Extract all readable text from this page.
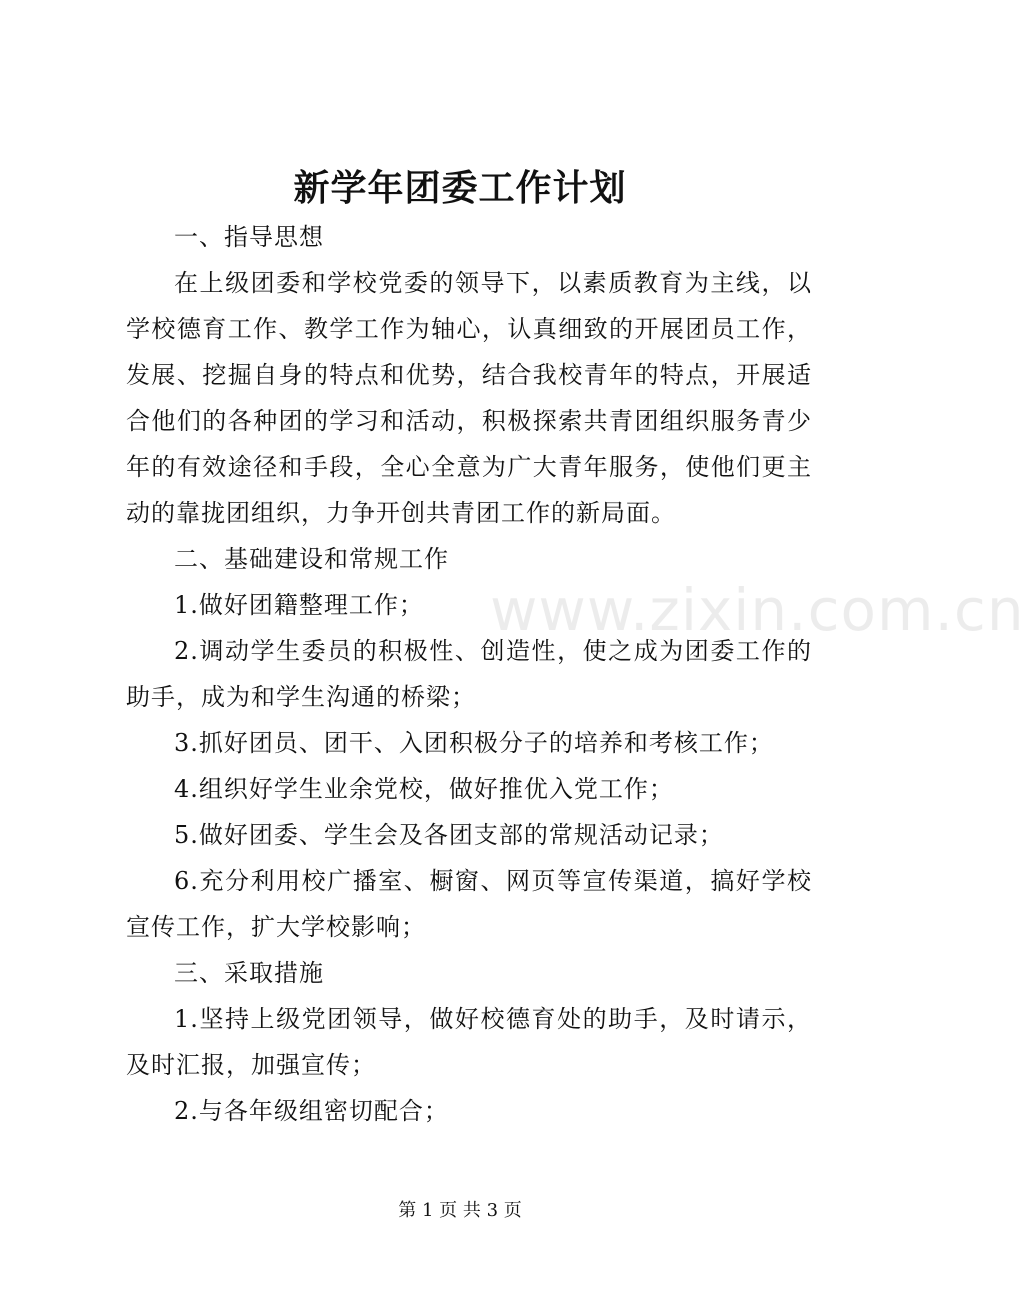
新学年团委工作计划

一、指导思想

在上级团委和学校党委的领导下，以素质教育为主线，以学校德育工作、教学工作为轴心，认真细致的开展团员工作，发展、挖掘自身的特点和优势，结合我校青年的特点，开展适合他们的各种团的学习和活动，积极探索共青团组织服务青少年的有效途径和手段，全心全意为广大青年服务，使他们更主动的靠拢团组织，力争开创共青团工作的新局面。

二、基础建设和常规工作

1.做好团籍整理工作；

2.调动学生委员的积极性、创造性，使之成为团委工作的助手，成为和学生沟通的桥梁；

3.抓好团员、团干、入团积极分子的培养和考核工作；

4.组织好学生业余党校，做好推优入党工作；

5.做好团委、学生会及各团支部的常规活动记录；

6.充分利用校广播室、橱窗、网页等宣传渠道，搞好学校宣传工作，扩大学校影响；

三、采取措施

1.坚持上级党团领导，做好校德育处的助手，及时请示，及时汇报，加强宣传；

2.与各年级组密切配合；

www.zixin.com.cn
第 1 页 共 3 页
